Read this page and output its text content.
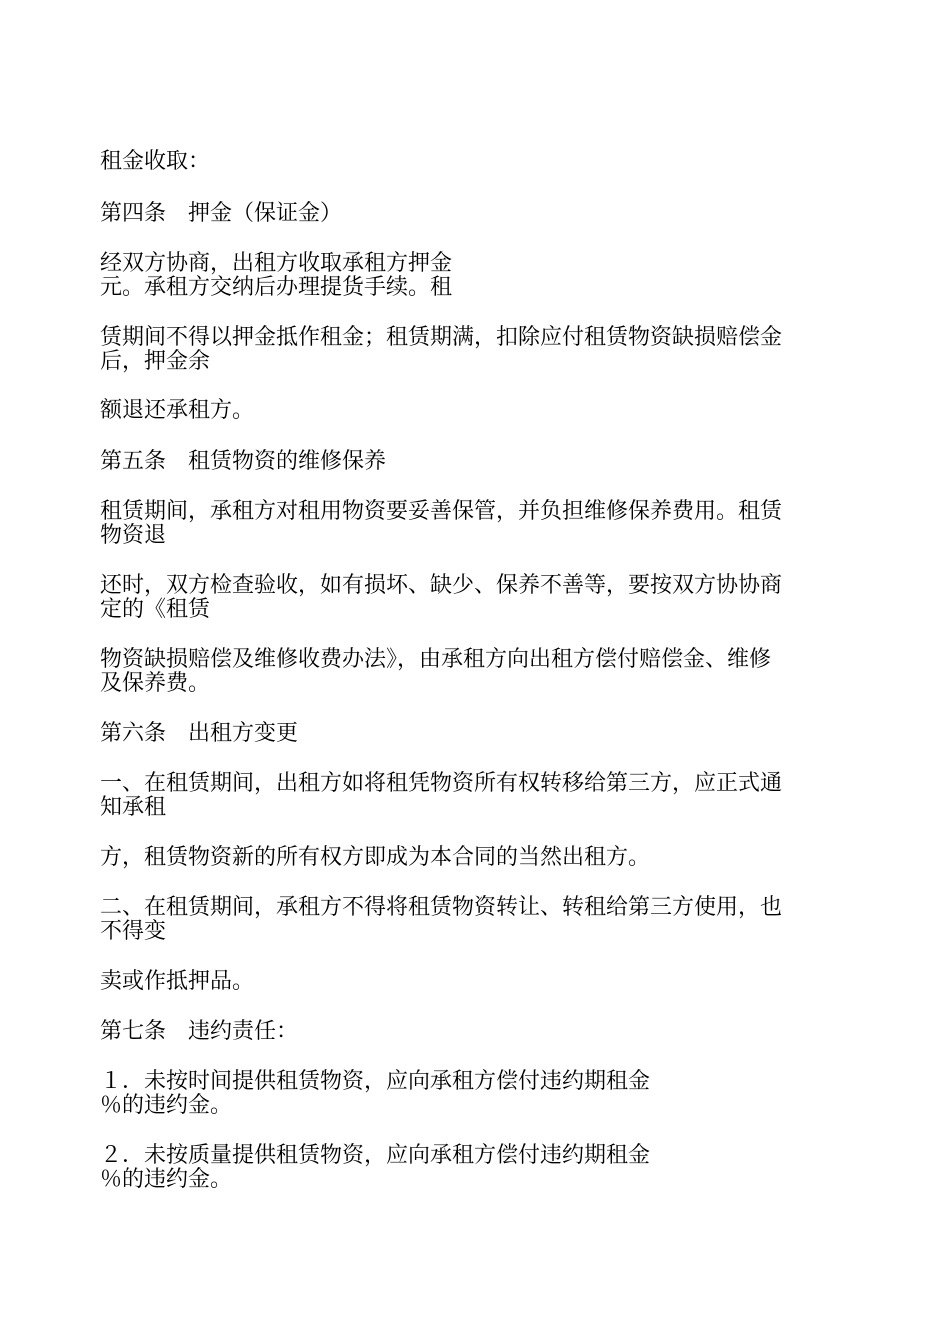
租金收取：
第四条　押金（保证金）
经双方协商，出租方收取承租方押金
元。承租方交纳后办理提货手续。租
赁期间不得以押金抵作租金；租赁期满，扣除应付租赁物资缺损赔偿金
后，押金余
额退还承租方。
第五条　租赁物资的维修保养
租赁期间，承租方对租用物资要妥善保管，并负担维修保养费用。租赁
物资退
还时，双方检查验收，如有损坏、缺少、保养不善等，要按双方协协商
定的《租赁
物资缺损赔偿及维修收费办法》，由承租方向出租方偿付赔偿金、维修
及保养费。
第六条　出租方变更
一、在租赁期间，出租方如将租凭物资所有权转移给第三方，应正式通
知承租
方，租赁物资新的所有权方即成为本合同的当然出租方。
二、在租赁期间，承租方不得将租赁物资转让、转租给第三方使用，也
不得变
卖或作抵押品。
第七条　违约责任：
１．未按时间提供租赁物资，应向承租方偿付违约期租金
％的违约金。
２．未按质量提供租赁物资，应向承租方偿付违约期租金
％的违约金。
